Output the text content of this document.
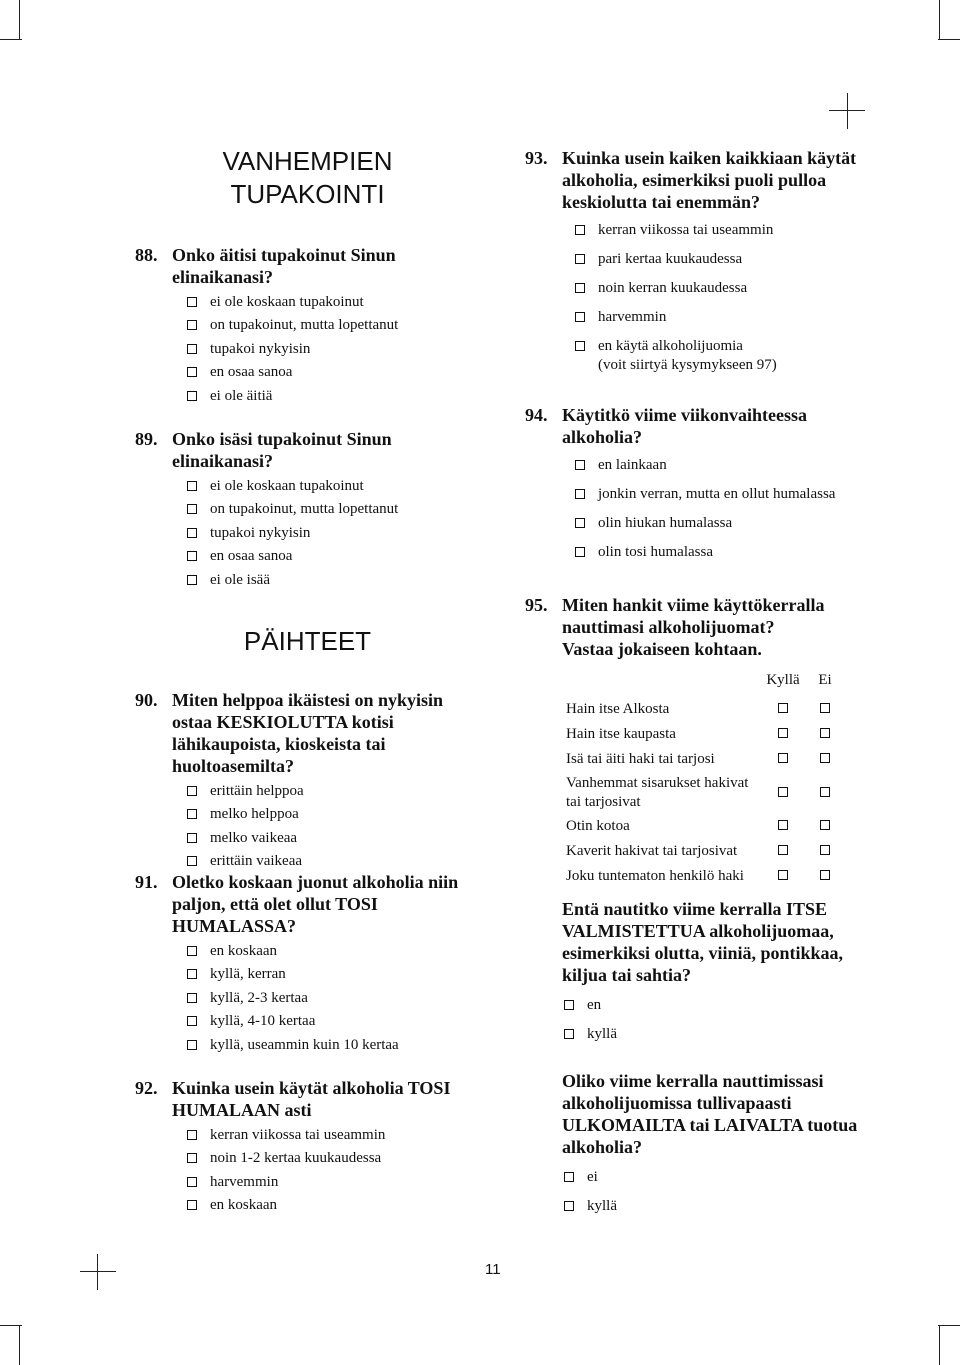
VANHEMPIEN TUPAKOINTI
88. Onko äitisi tupakoinut Sinun elinaikanasi?
ei ole koskaan tupakoinut
on tupakoinut, mutta lopettanut
tupakoi nykyisin
en osaa sanoa
ei ole äitiä
89. Onko isäsi tupakoinut Sinun elinaikanasi?
ei ole koskaan tupakoinut
on tupakoinut, mutta lopettanut
tupakoi nykyisin
en osaa sanoa
ei ole isää
PÄIHTEET
90. Miten helppoa ikäistesi on nykyisin ostaa KESKIOLUTTA kotisi lähikaupoista, kioskeista tai huoltoasemilta?
erittäin helppoa
melko helppoa
melko vaikeaa
erittäin vaikeaa
91. Oletko koskaan juonut alkoholia niin paljon, että olet ollut TOSI HUMALASSA?
en koskaan
kyllä, kerran
kyllä, 2-3 kertaa
kyllä, 4-10 kertaa
kyllä, useammin kuin 10 kertaa
92. Kuinka usein käytät alkoholia TOSI HUMALAAN asti
kerran viikossa tai useammin
noin 1-2 kertaa kuukaudessa
harvemmin
en koskaan
93. Kuinka usein kaiken kaikkiaan käytät alkoholia, esimerkiksi puoli pulloa keskiolutta tai enemmän?
kerran viikossa tai useammin
pari kertaa kuukaudessa
noin kerran kuukaudessa
harvemmin
en käytä alkoholijuomia
(voit siirtyä kysymykseen 97)
94. Käytitkö viime viikonvaihteessa alkoholia?
en lainkaan
jonkin verran, mutta en ollut humalassa
olin hiukan humalassa
olin tosi humalassa
95. Miten hankit viime käyttökerralla nauttimasi alkoholijuomat?
Vastaa jokaiseen kohtaan.
	Kyllä	Ei
Hain itse Alkosta		
Hain itse kaupasta		
Isä tai äiti haki tai tarjosi		
Vanhemmat sisarukset hakivat tai tarjosivat		
Otin kotoa		
Kaverit hakivat tai tarjosivat		
Joku tuntematon henkilö haki		
Entä nautitko viime kerralla ITSE VALMISTETTUA alkoholijuomaa, esimerkiksi olutta, viiniä, pontikkaa, kiljua tai sahtia?
en
kyllä
Oliko viime kerralla nauttimissasi alkoholijuomissa tullivapaasti ULKOMAILTA tai LAIVALTA tuotua alkoholia?
ei
kyllä
11
